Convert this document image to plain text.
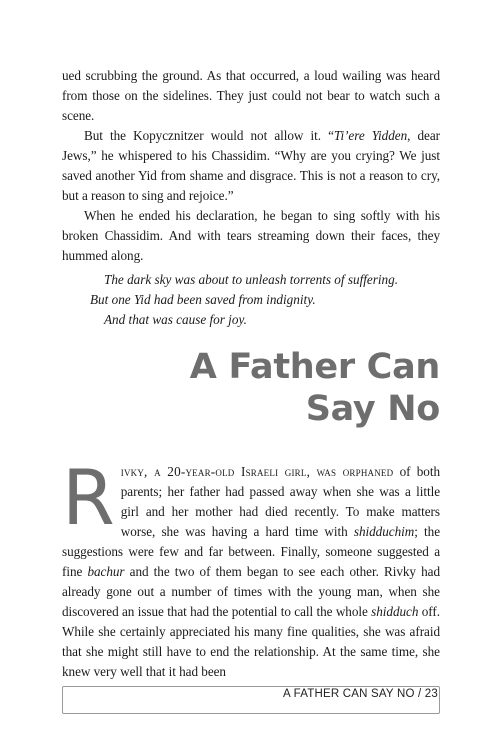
ued scrubbing the ground. As that occurred, a loud wailing was heard from those on the sidelines. They just could not bear to watch such a scene.

But the Kopycznitzer would not allow it. “Ti’ere Yidden, dear Jews,” he whispered to his Chassidim. “Why are you crying? We just saved another Yid from shame and disgrace. This is not a reason to cry, but a reason to sing and rejoice.”

When he ended his declaration, he began to sing softly with his broken Chassidim. And with tears streaming down their faces, they hummed along.

The dark sky was about to unleash torrents of suffering.
But one Yid had been saved from indignity.
And that was cause for joy.
A Father Can
Say No

Rivky, a 20-year-old Israeli girl, was orphaned of both parents; her father had passed away when she was a little girl and her mother had died recently. To make matters worse, she was having a hard time with shidduchim; the suggestions were few and far between. Finally, someone suggested a fine bachur and the two of them began to see each other. Rivky had already gone out a number of times with the young man, when she discovered an issue that had the potential to call the whole shidduch off. While she certainly appreciated his many fine qualities, she was afraid that she might still have to end the relationship. At the same time, she knew very well that it had been

A FATHER CAN SAY NO / 23
